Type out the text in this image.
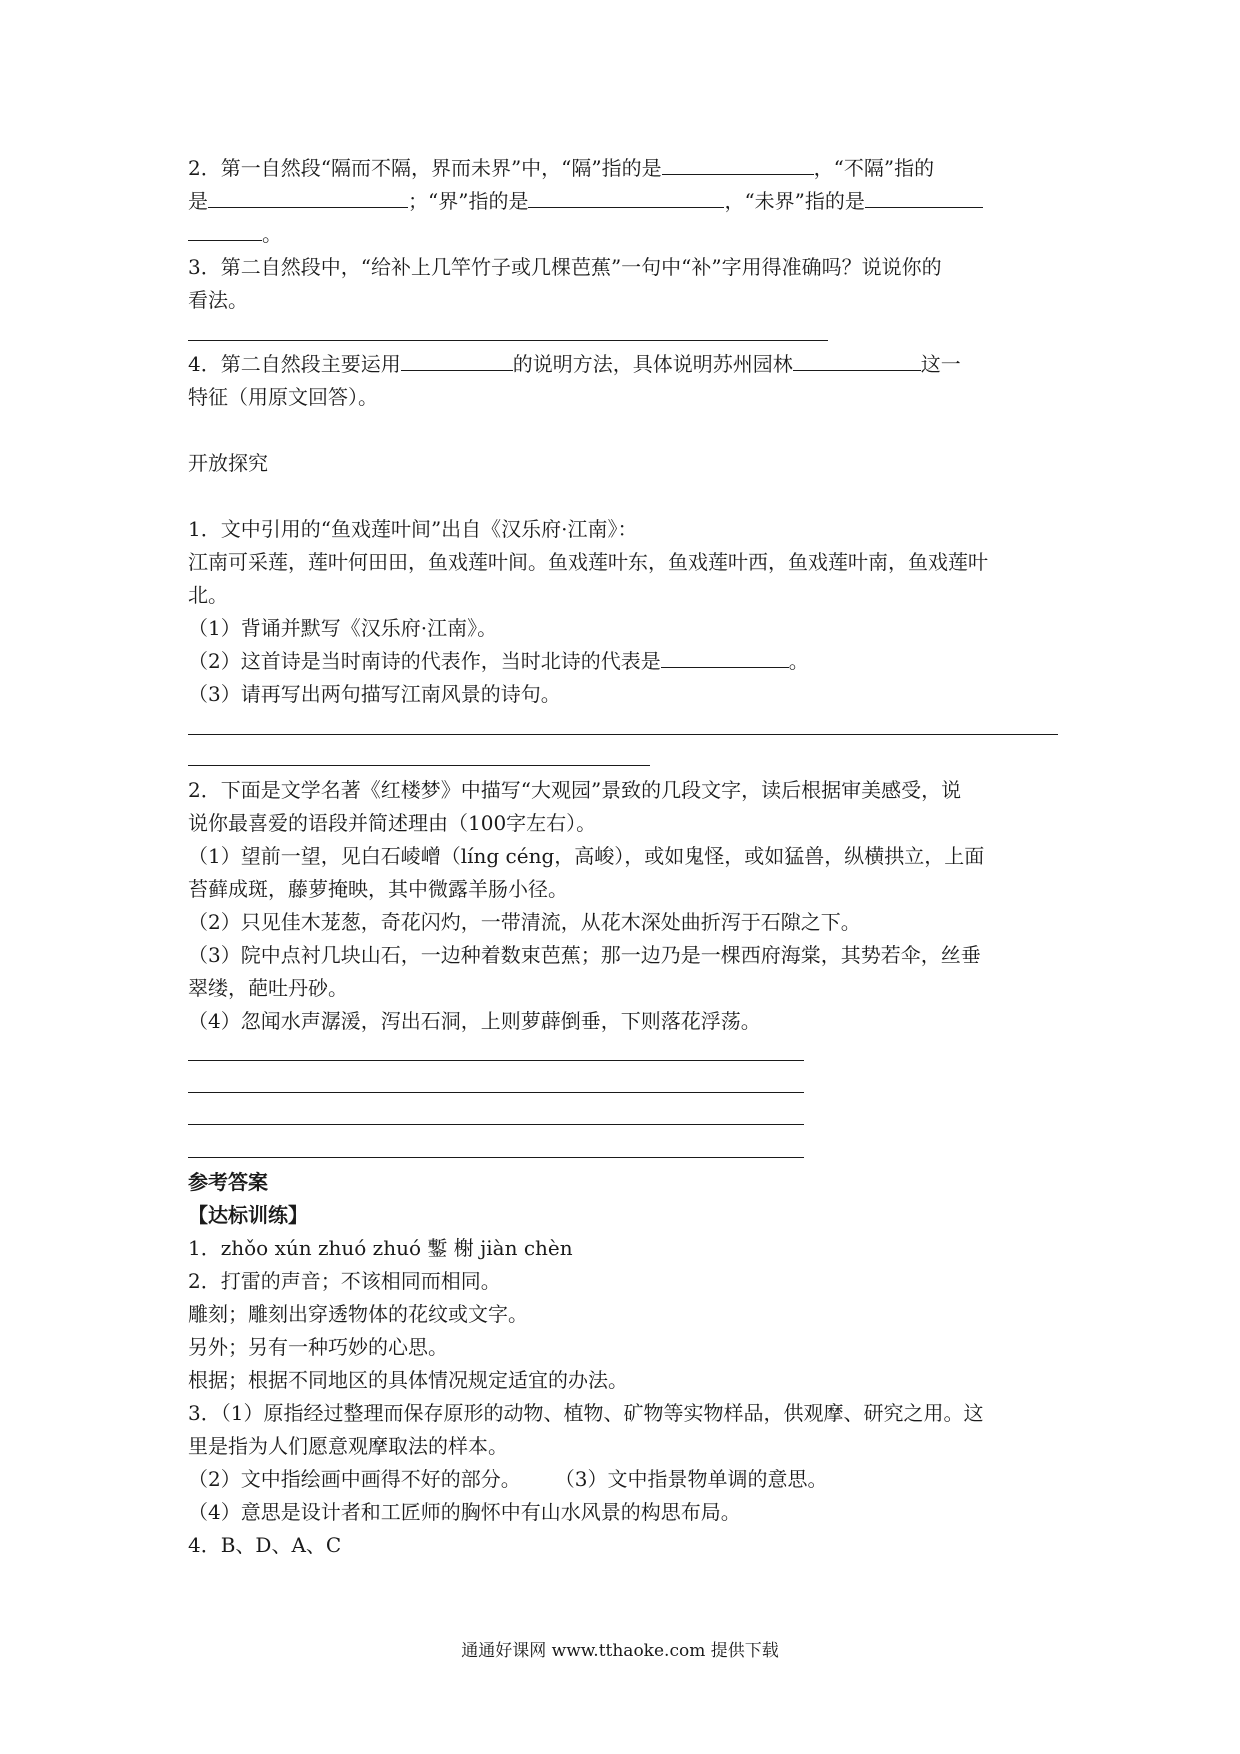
2．第一自然段“隔而不隔，界而未界”中，“隔”指的是	，“不隔”指的
是	；“界”指的是	，“未界”指的是
。
3．第二自然段中，“给补上几竿竹子或几棵芭蕉”一句中“补”字用得准确吗？说说你的
看法。
4．第二自然段主要运用	的说明方法，具体说明苏州园林	这一
特征（用原文回答）。
开放探究
1．文中引用的“鱼戏莲叶间”出自《汉乐府·江南》：
江南可采莲，莲叶何田田，鱼戏莲叶间。鱼戏莲叶东，鱼戏莲叶西，鱼戏莲叶南，鱼戏莲叶
北。
（1）背诵并默写《汉乐府·江南》。
（2）这首诗是当时南诗的代表作，当时北诗的代表是	。
（3）请再写出两句描写江南风景的诗句。
2．下面是文学名著《红楼梦》中描写“大观园”景致的几段文字，读后根据审美感受，说
说你最喜爱的语段并简述理由（100字左右）。
（1）望前一望，见白石崚嶒（líng céng，高峻），或如鬼怪，或如猛兽，纵横拱立，上面
苔藓成斑，藤萝掩映，其中微露羊肠小径。
（2）只见佳木茏葱，奇花闪灼，一带清流，从花木深处曲折泻于石隙之下。
（3）院中点衬几块山石，一边种着数束芭蕉；那一边乃是一棵西府海棠，其势若伞，丝垂
翠缕，葩吐丹砂。
（4）忽闻水声潺湲，泻出石洞，上则萝薜倒垂，下则落花浮荡。
参考答案
【达标训练】
1．zhǒo xún zhuó zhuó 鏨 榭 jiàn chèn
2．打雷的声音；不该相同而相同。
雕刻；雕刻出穿透物体的花纹或文字。
另外；另有一种巧妙的心思。
根据；根据不同地区的具体情况规定适宜的办法。
3．（1）原指经过整理而保存原形的动物、植物、矿物等实物样品，供观摩、研究之用。这
里是指为人们愿意观摩取法的样本。
（2）文中指绘画中画得不好的部分。 （3）文中指景物单调的意思。
（4）意思是设计者和工匠师的胸怀中有山水风景的构思布局。
4．B、D、A、C
通通好课网 www.tthaoke.com 提供下载
